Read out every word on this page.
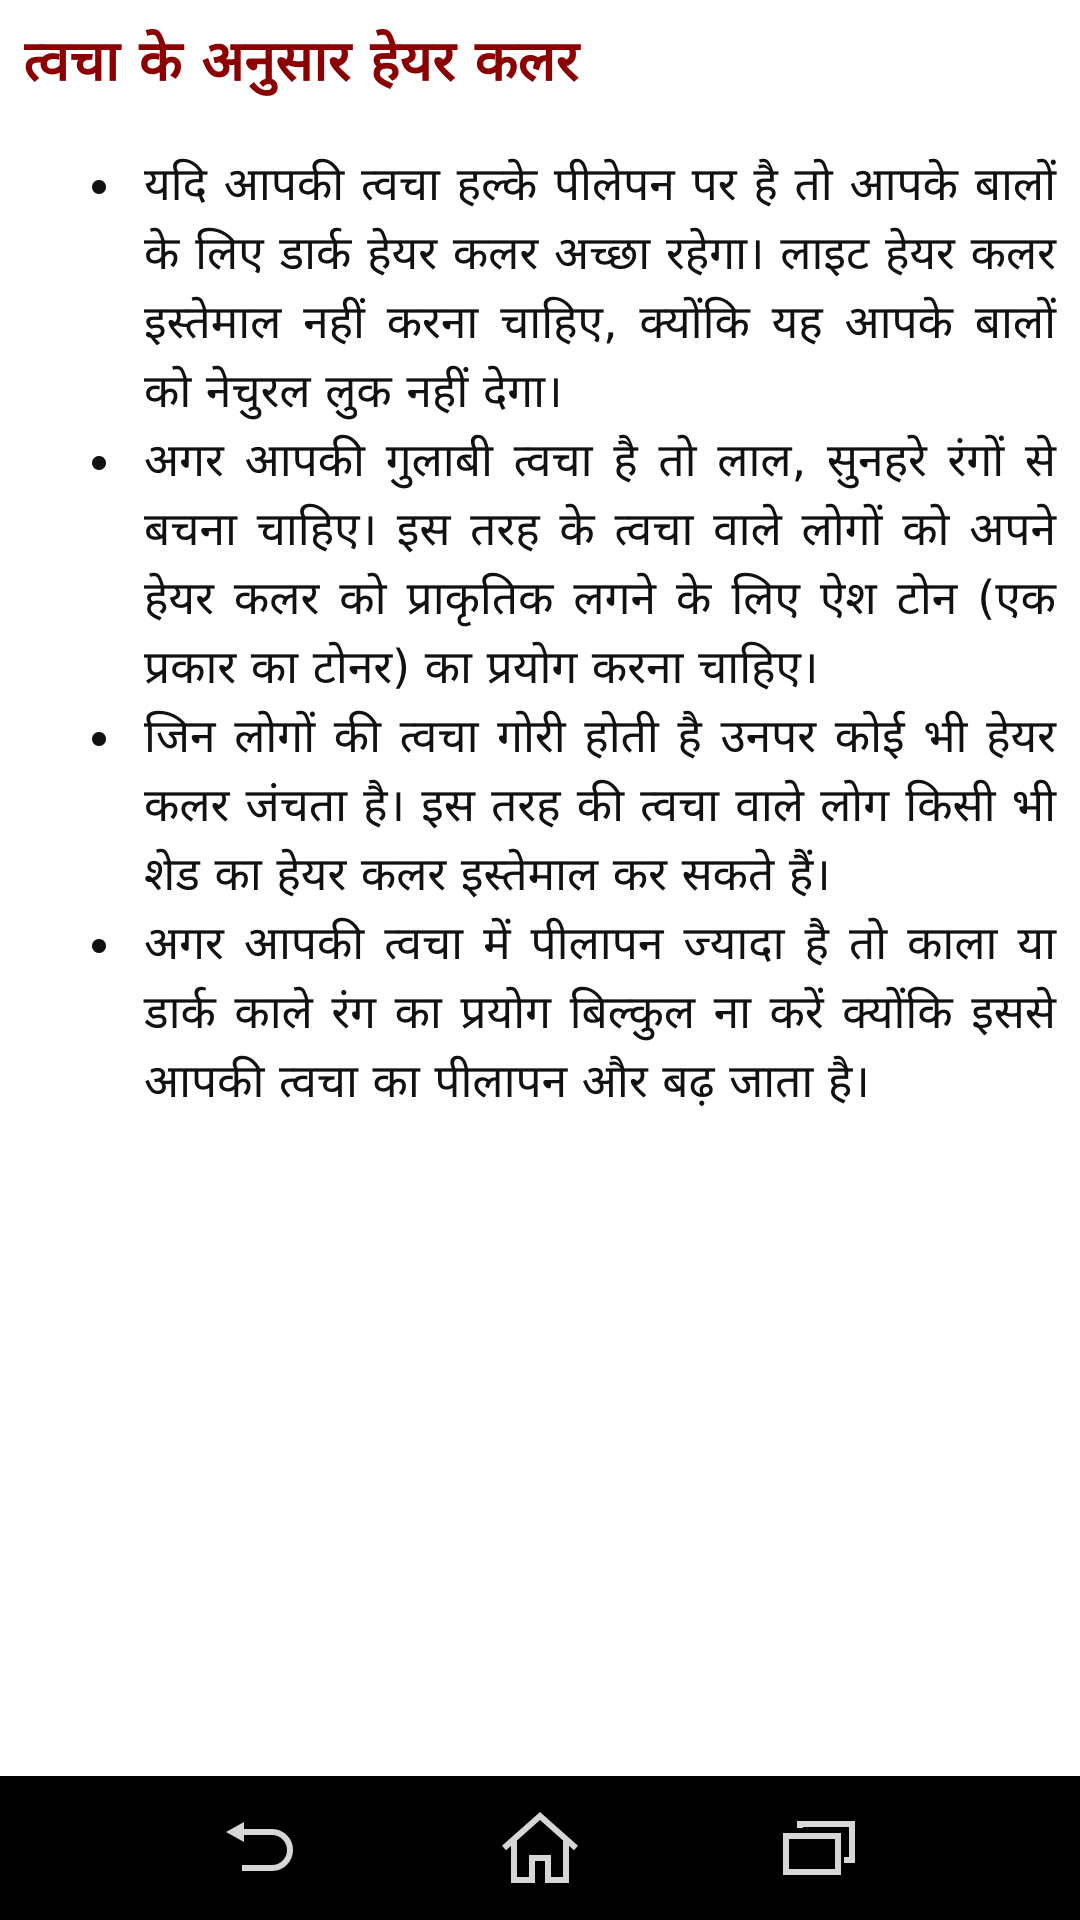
त्वचा के अनुसार हेयर कलर
यदि आपकी त्वचा हल्के पीलेपन पर है तो आपके बालों के लिए डार्क हेयर कलर अच्छा रहेगा। लाइट हेयर कलर इस्तेमाल नहीं करना चाहिए, क्योंकि यह आपके बालों को नेचुरल लुक नहीं देगा।
अगर आपकी गुलाबी त्वचा है तो लाल, सुनहरे रंगों से बचना चाहिए। इस तरह के त्वचा वाले लोगों को अपने हेयर कलर को प्राकृतिक लगने के लिए ऐश टोन (एक प्रकार का टोनर) का प्रयोग करना चाहिए।
जिन लोगों की त्वचा गोरी होती है उनपर कोई भी हेयर कलर जंचता है। इस तरह की त्वचा वाले लोग किसी भी शेड का हेयर कलर इस्तेमाल कर सकते हैं।
अगर आपकी त्वचा में पीलापन ज्यादा है तो काला या डार्क काले रंग का प्रयोग बिल्कुल ना करें क्योंकि इससे आपकी त्वचा का पीलापन और बढ़ जाता है।
